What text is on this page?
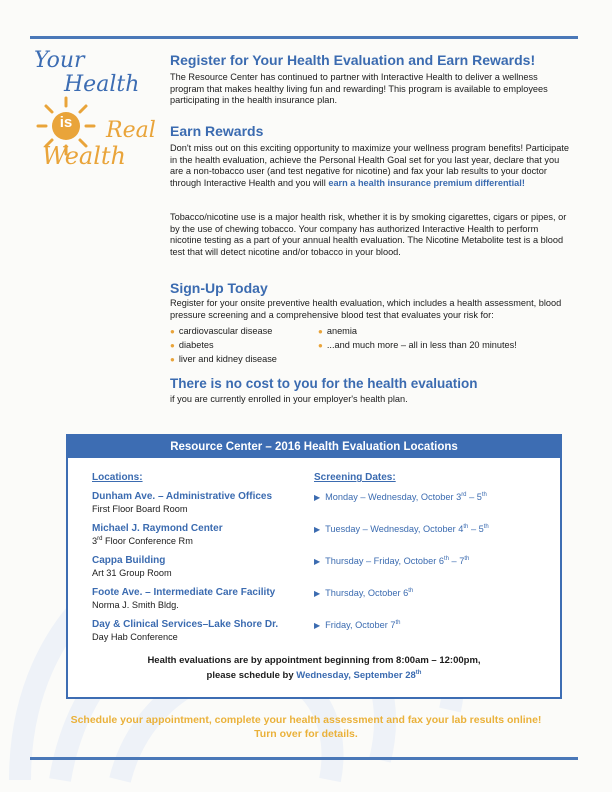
Your
Health
is	Real
Wealth
Register for Your Health Evaluation and Earn Rewards!

The Resource Center has continued to partner with Interactive Health to deliver a wellness program that makes healthy living fun and rewarding! This program is available to employees participating in the health insurance plan.

Earn Rewards

Don't miss out on this exciting opportunity to maximize your wellness program benefits! Participate in the health evaluation, achieve the Personal Health Goal set for you last year, declare that you are a non-tobacco user (and test negative for nicotine) and fax your lab results to your doctor through Interactive Health and you will earn a health insurance premium differential!

Tobacco/nicotine use is a major health risk, whether it is by smoking cigarettes, cigars or pipes, or by the use of chewing tobacco. Your company has authorized Interactive Health to perform nicotine testing as a part of your annual health evaluation. The Nicotine Metabolite test is a blood test that will detect nicotine and/or tobacco in your blood.

Sign-Up Today

Register for your onsite preventive health evaluation, which includes a health assessment, blood pressure screening and a comprehensive blood test that evaluates your risk for:

● cardiovascular disease	● anemia
● diabetes	● ...and much more – all in less than 20 minutes!
● liver and kidney disease
There is no cost to you for the health evaluation
if you are currently enrolled in your employer's health plan.
Resource Center – 2016 Health Evaluation Locations
Locations:	Screening Dates:
Dunham Ave. – Administrative Offices
First Floor Board Room
▶ Monday – Wednesday, October 3rd – 5th
Michael J. Raymond Center
3rd Floor Conference Rm
▶ Tuesday – Wednesday, October 4th – 5th
Cappa Building
Art 31 Group Room
▶ Thursday – Friday, October 6th – 7th
Foote Ave. – Intermediate Care Facility
Norma J. Smith Bldg.
▶ Thursday, October 6th
Day & Clinical Services–Lake Shore Dr.
Day Hab Conference
▶ Friday, October 7th
Health evaluations are by appointment beginning from 8:00am – 12:00pm,
please schedule by Wednesday, September 28th
Schedule your appointment, complete your health assessment and fax your lab results online!
Turn over for details.
